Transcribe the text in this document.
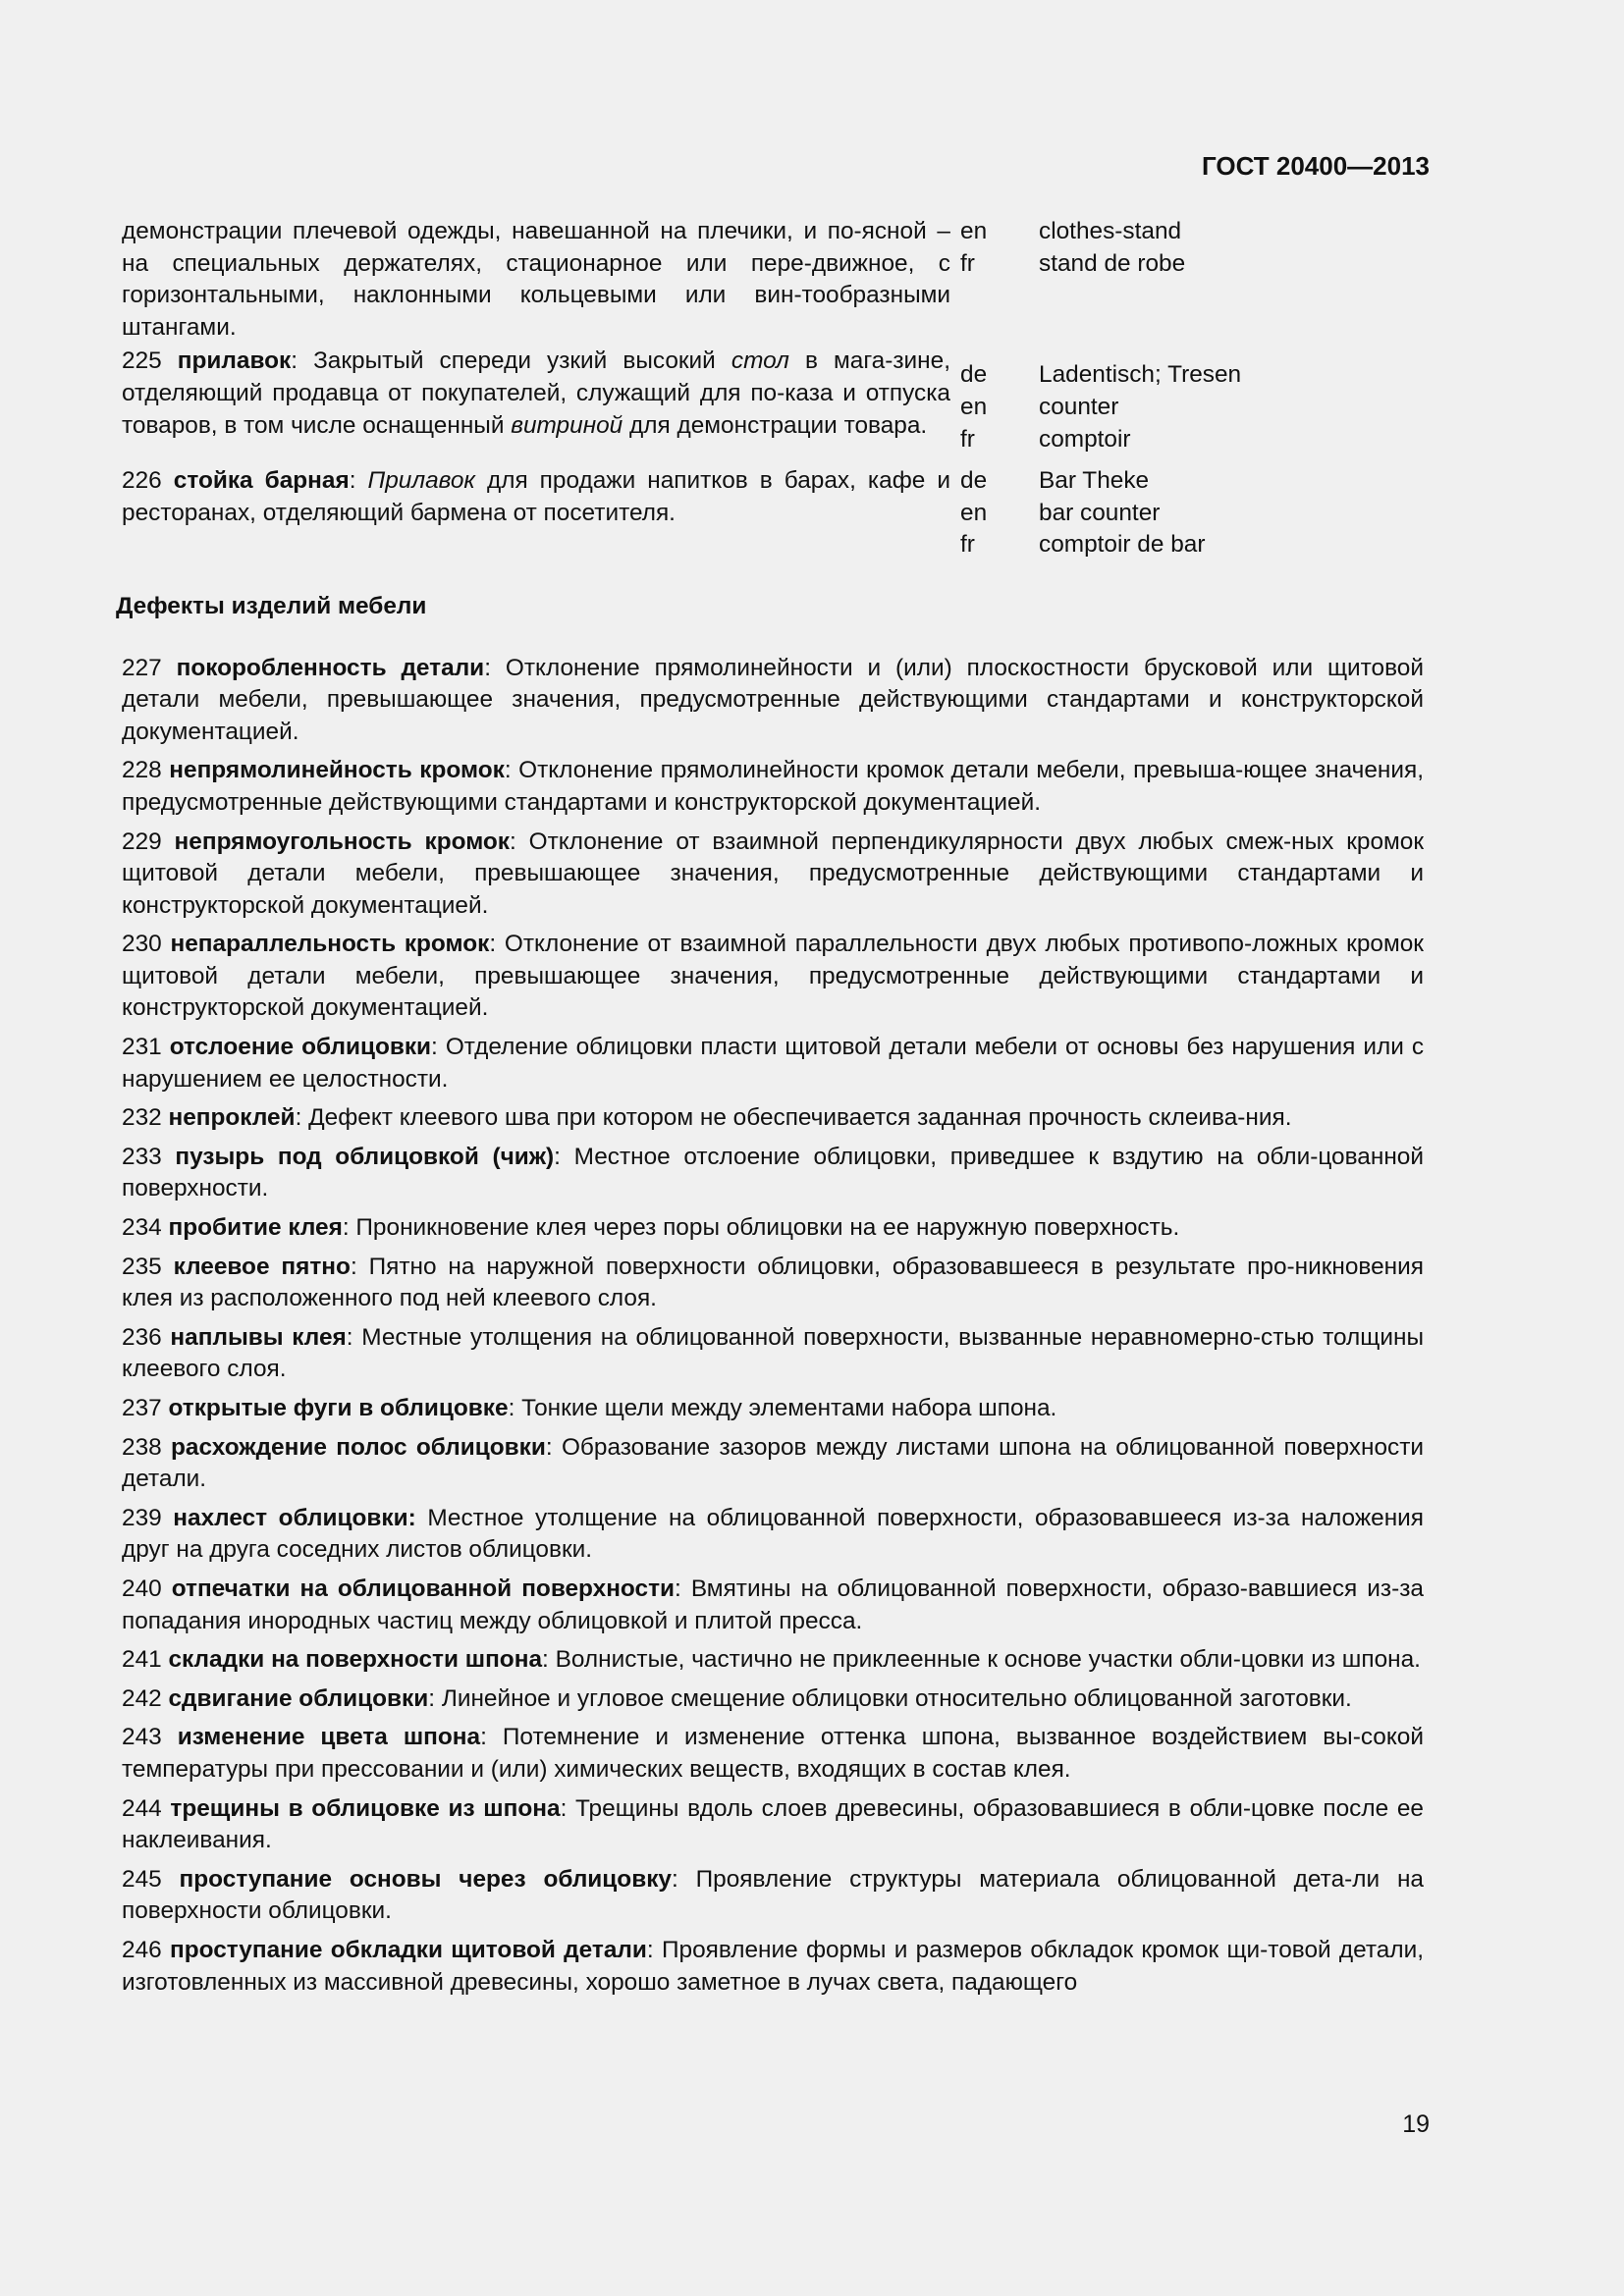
ГОСТ 20400—2013
демонстрации плечевой одежды, навешанной на плечики, и по-ясной – на специальных держателях, стационарное или пере-движное, с горизонтальными, наклонными кольцевыми или вин-тообразными штангами.
en
fr
clothes-stand
stand de robe
225 прилавок: Закрытый спереди узкий высокий стол в мага-зине, отделяющий продавца от покупателей, служащий для по-каза и отпуска товаров, в том числе оснащенный витриной для демонстрации товара.
de
en
fr
Ladentisch; Tresen
counter
comptoir
226 стойка барная: Прилавок для продажи напитков в барах, кафе и ресторанах, отделяющий бармена от посетителя.
de
en
fr
Bar Theke
bar counter
comptoir de bar
Дефекты изделий мебели
227 покоробленность детали: Отклонение прямолинейности и (или) плоскостности брусковой или щитовой детали мебели, превышающее значения, предусмотренные действующими стандартами и конструкторской документацией.
228 непрямолинейность кромок: Отклонение прямолинейности кромок детали мебели, превыша-ющее значения, предусмотренные действующими стандартами и конструкторской документацией.
229 непрямоугольность кромок: Отклонение от взаимной перпендикулярности двух любых смеж-ных кромок щитовой детали мебели, превышающее значения, предусмотренные действующими стандартами и конструкторской документацией.
230 непараллельность кромок: Отклонение от взаимной параллельности двух любых противопо-ложных кромок щитовой детали мебели, превышающее значения, предусмотренные действующими стандартами и конструкторской документацией.
231 отслоение облицовки: Отделение облицовки пласти щитовой детали мебели от основы без нарушения или с нарушением ее целостности.
232 непроклей: Дефект клеевого шва при котором не обеспечивается заданная прочность склеива-ния.
233 пузырь под облицовкой (чиж): Местное отслоение облицовки, приведшее к вздутию на обли-цованной поверхности.
234 пробитие клея: Проникновение клея через поры облицовки на ее наружную поверхность.
235 клеевое пятно: Пятно на наружной поверхности облицовки, образовавшееся в результате про-никновения клея из расположенного под ней клеевого слоя.
236 наплывы клея: Местные утолщения на облицованной поверхности, вызванные неравномерно-стью толщины клеевого слоя.
237 открытые фуги в облицовке: Тонкие щели между элементами набора шпона.
238 расхождение полос облицовки: Образование зазоров между листами шпона на облицованной поверхности детали.
239 нахлест облицовки: Местное утолщение на облицованной поверхности, образовавшееся из-за наложения друг на друга соседних листов облицовки.
240 отпечатки на облицованной поверхности: Вмятины на облицованной поверхности, образо-вавшиеся из-за попадания инородных частиц между облицовкой и плитой пресса.
241 складки на поверхности шпона: Волнистые, частично не приклеенные к основе участки обли-цовки из шпона.
242 сдвигание облицовки: Линейное и угловое смещение облицовки относительно облицованной заготовки.
243 изменение цвета шпона: Потемнение и изменение оттенка шпона, вызванное воздействием вы-сокой температуры при прессовании и (или) химических веществ, входящих в состав клея.
244 трещины в облицовке из шпона: Трещины вдоль слоев древесины, образовавшиеся в обли-цовке после ее наклеивания.
245 проступание основы через облицовку: Проявление структуры материала облицованной дета-ли на поверхности облицовки.
246 проступание обкладки щитовой детали: Проявление формы и размеров обкладок кромок щи-товой детали, изготовленных из массивной древесины, хорошо заметное в лучах света, падающего
19
